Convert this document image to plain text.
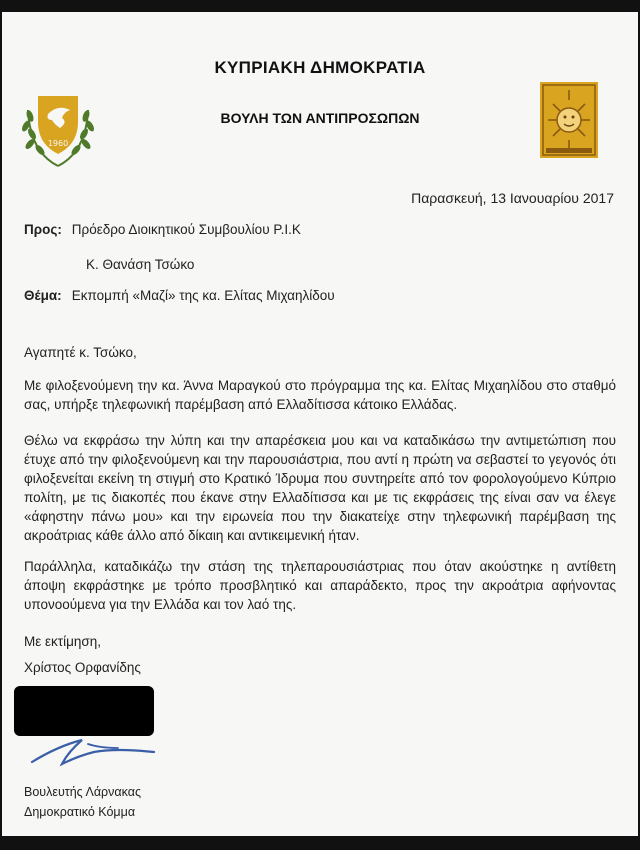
1960
ΚΥΠΡΙΑΚΗ ΔΗΜΟΚΡΑΤΙΑ
ΒΟΥΛΗ ΤΩΝ ΑΝΤΙΠΡΟΣΩΠΩΝ
Παρασκευή, 13 Ιανουαρίου 2017
Προς: Πρόεδρο Διοικητικού Συμβουλίου Ρ.Ι.Κ
Κ. Θανάση Τσώκο
Θέμα: Εκπομπή «Μαζί» της κα. Ελίτας Μιχαηλίδου
Αγαπητέ κ. Τσώκο,
Με φιλοξενούμενη την κα. Άννα Μαραγκού στο πρόγραμμα της κα. Ελίτας Μιχαηλίδου στο σταθμό σας, υπήρξε τηλεφωνική παρέμβαση από Ελλαδίτισσα κάτοικο Ελλάδας.
Θέλω να εκφράσω την λύπη και την απαρέσκεια μου και να καταδικάσω την αντιμετώπιση που έτυχε από την φιλοξενούμενη και την παρουσιάστρια, που αντί η πρώτη να σεβαστεί το γεγονός ότι φιλοξενείται εκείνη τη στιγμή στο Κρατικό Ίδρυμα που συντηρείτε από τον φορολογούμενο Κύπριο πολίτη, με τις διακοπές που έκανε στην Ελλαδίτισσα και με τις εκφράσεις της είναι σαν να έλεγε «άφηστην πάνω μου» και την ειρωνεία που την διακατείχε στην τηλεφωνική παρέμβαση της ακροάτριας κάθε άλλο από δίκαιη και αντικειμενική ήταν.
Παράλληλα, καταδικάζω την στάση της τηλεπαρουσιάστριας που όταν ακούστηκε η αντίθετη άποψη εκφράστηκε με τρόπο προσβλητικό και απαράδεκτο, προς την ακροάτρια αφήνοντας υπονοούμενα για την Ελλάδα και τον λαό της.
Με εκτίμηση,
Χρίστος Ορφανίδης
Βουλευτής Λάρνακας
Δημοκρατικό Κόμμα
